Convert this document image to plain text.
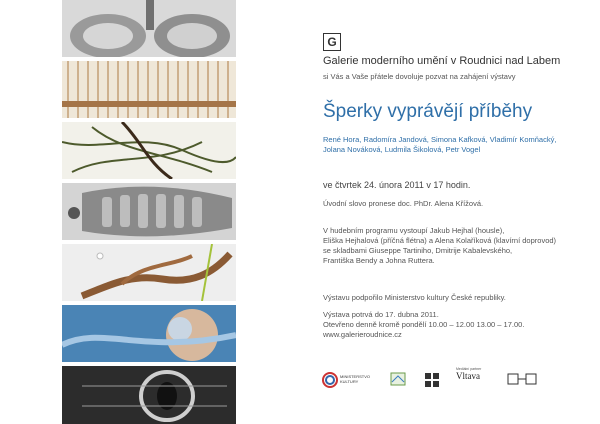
G
Galerie moderního umění v Roudnici nad Labem
si Vás a Vaše přátele dovoluje pozvat na zahájení výstavy
Šperky vyprávějí příběhy
René Hora, Radomíra Jandová, Simona Kafková, Vladimír Komňacký,
Jolana Nováková, Ludmila Šikolová, Petr Vogel
ve čtvrtek 24. února 2011 v 17 hodin.
Úvodní slovo pronese doc. PhDr. Alena Křížová.
V hudebním programu vystoupí Jakub Hejhal (housle),
Eliška Hejhalová (příčná flétna) a Alena Kolaříková (klavírní doprovod)
se skladbami Giuseppe Tartiniho, Dmitrije Kabalevského,
Františka Bendy a Johna Ruttera.
Výstavu podpořilo Ministerstvo kultury České republiky.
Výstava potrvá do 17. dubna 2011.
Otevřeno denně kromě pondělí 10.00 – 12.00 13.00 – 17.00.
www.galerieroudnice.cz
MINISTERSTVO
KULTURY
Mediální partner
Vltava
